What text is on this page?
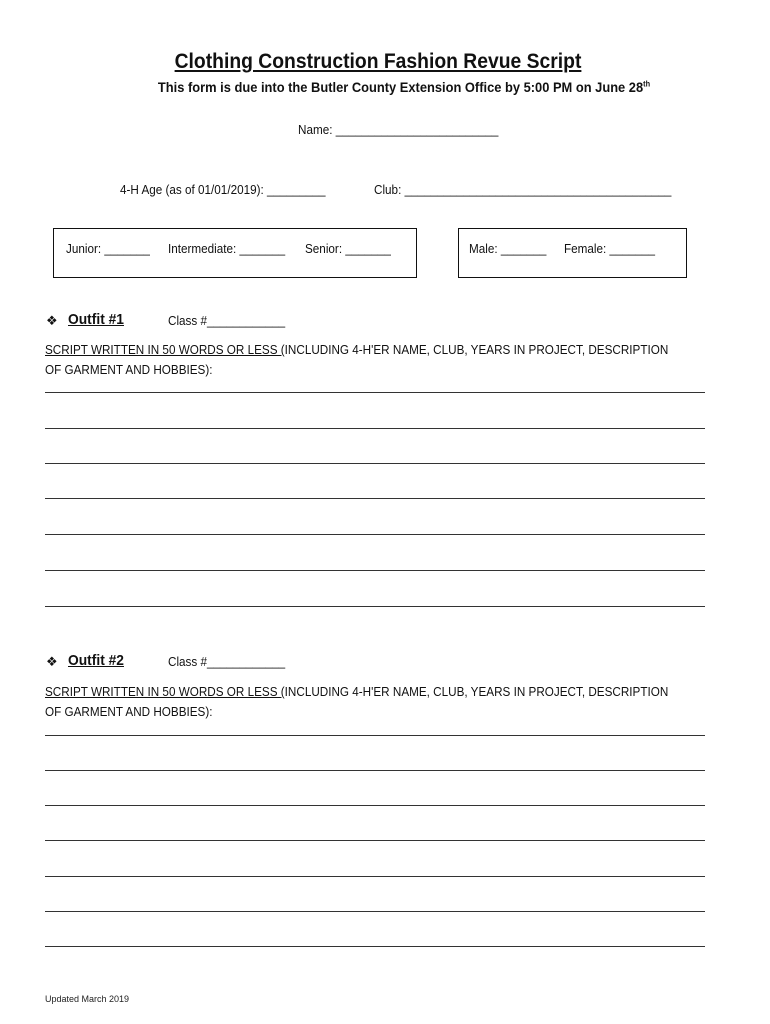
Clothing Construction Fashion Revue Script
This form is due into the Butler County Extension Office by 5:00 PM on June 28th
Name: _________________________
4-H Age (as of 01/01/2019): _________	Club: _________________________________________
Junior: _______ Intermediate: _______ Senior: _______	Male: _______ Female: _______
❖ Outfit #1	Class #____________
SCRIPT WRITTEN IN 50 WORDS OR LESS (INCLUDING 4-H'ER NAME, CLUB, YEARS IN PROJECT, DESCRIPTION OF GARMENT AND HOBBIES):
❖ Outfit #2	Class #____________
SCRIPT WRITTEN IN 50 WORDS OR LESS (INCLUDING 4-H'ER NAME, CLUB, YEARS IN PROJECT, DESCRIPTION OF GARMENT AND HOBBIES):
Updated March 2019
